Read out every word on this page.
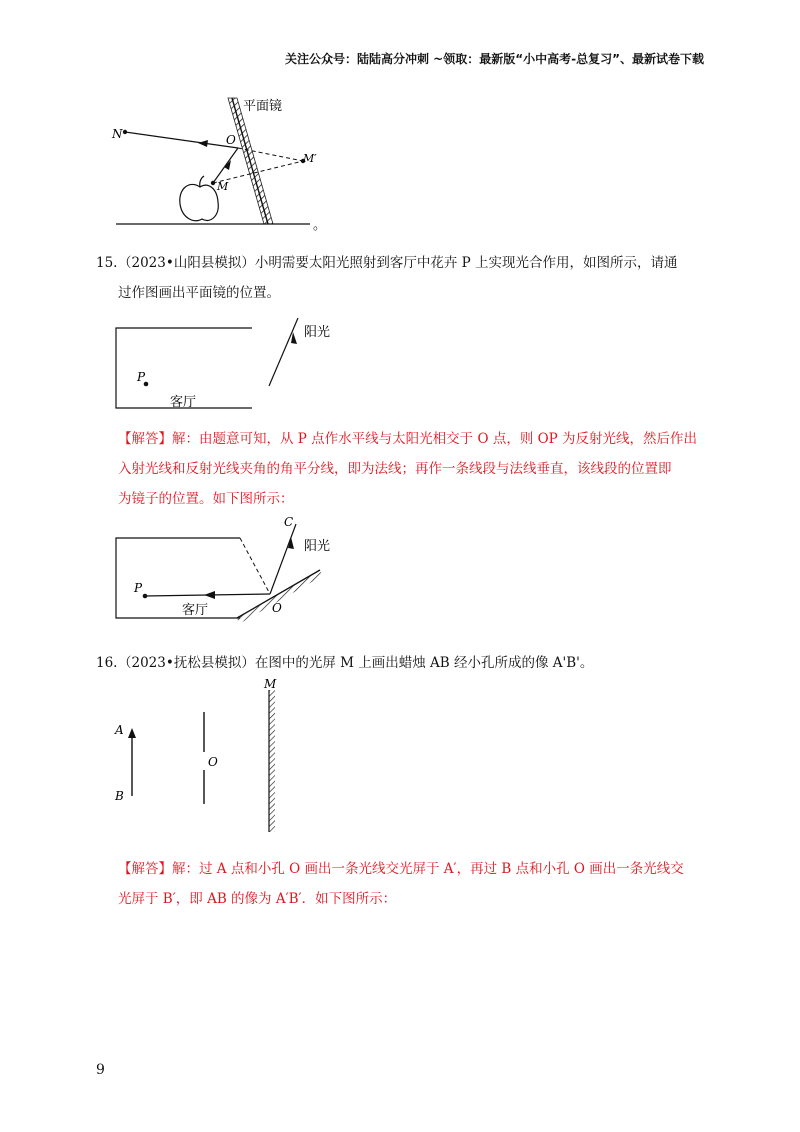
关注公众号：陆陆高分冲刺 ~领取：最新版“小中高考-总复习”、最新试卷下载
平面镜
N	O
M
M′
。
15.（2023•山阳县模拟）小明需要太阳光照射到客厅中花卉 P 上实现光合作用，如图所示，请通
过作图画出平面镜的位置。
阳光
P
客厅
【解答】解：由题意可知，从 P 点作水平线与太阳光相交于 O 点，则 OP 为反射光线，然后作出
入射光线和反射光线夹角的角平分线，即为法线；再作一条线段与法线垂直，该线段的位置即
为镜子的位置。如下图所示：
C
阳光
P
客厅	O
16.（2023•抚松县模拟）在图中的光屏 M 上画出蜡烛 AB 经小孔所成的像 A'B'。
M
A
B
O
【解答】解：过 A 点和小孔 O 画出一条光线交光屏于 A′，再过 B 点和小孔 O 画出一条光线交
光屏于 B′，即 AB 的像为 A′B′．如下图所示：
9
